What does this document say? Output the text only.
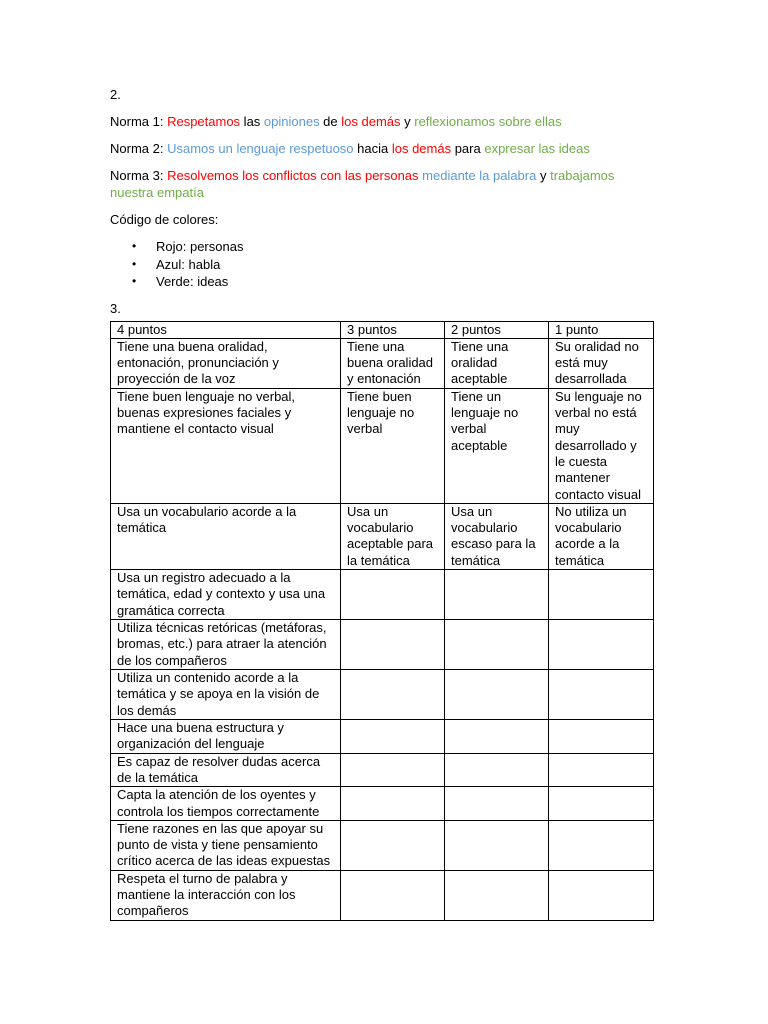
2.

Norma 1: Respetamos las opiniones de los demás y reflexionamos sobre ellas

Norma 2: Usamos un lenguaje respetuoso hacia los demás para expresar las ideas

Norma 3: Resolvemos los conflictos con las personas mediante la palabra y trabajamos nuestra empatía

Código de colores:

• Rojo: personas
• Azul: habla
• Verde: ideas

3.

4 puntos	3 puntos	2 puntos	1 punto
Tiene una buena oralidad, entonación, pronunciación y proyección de la voz	Tiene una buena oralidad y entonación	Tiene una oralidad aceptable	Su oralidad no está muy desarrollada
Tiene buen lenguaje no verbal, buenas expresiones faciales y mantiene el contacto visual	Tiene buen lenguaje no verbal	Tiene un lenguaje no verbal aceptable	Su lenguaje no verbal no está muy desarrollado y le cuesta mantener contacto visual
Usa un vocabulario acorde a la temática	Usa un vocabulario aceptable para la temática	Usa un vocabulario escaso para la temática	No utiliza un vocabulario acorde a la temática
Usa un registro adecuado a la temática, edad y contexto y usa una gramática correcta			
Utiliza técnicas retóricas (metáforas, bromas, etc.) para atraer la atención de los compañeros			
Utiliza un contenido acorde a la temática y se apoya en la visión de los demás			
Hace una buena estructura y organización del lenguaje			
Es capaz de resolver dudas acerca de la temática			
Capta la atención de los oyentes y controla los tiempos correctamente			
Tiene razones en las que apoyar su punto de vista y tiene pensamiento crítico acerca de las ideas expuestas			
Respeta el turno de palabra y mantiene la interacción con los compañeros			
